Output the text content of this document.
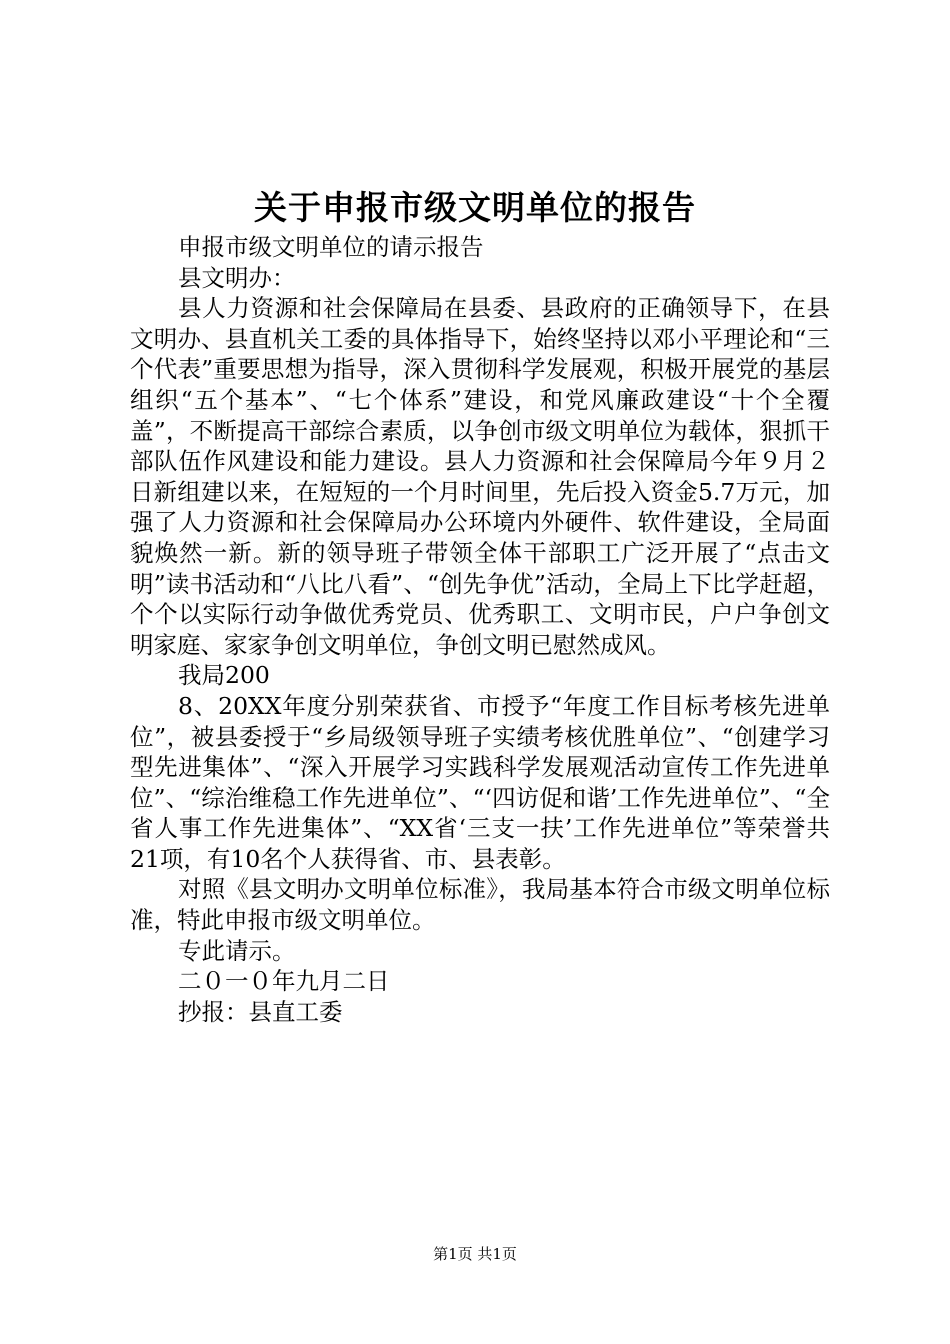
关于申报市级文明单位的报告

申报市级文明单位的请示报告

县文明办：

县人力资源和社会保障局在县委、县政府的正确领导下，在县文明办、县直机关工委的具体指导下，始终坚持以邓小平理论和“三个代表”重要思想为指导，深入贯彻科学发展观，积极开展党的基层组织“五个基本”、“七个体系”建设，和党风廉政建设“十个全覆盖”，不断提高干部综合素质，以争创市级文明单位为载体，狠抓干部队伍作风建设和能力建设。县人力资源和社会保障局今年９月２日新组建以来，在短短的一个月时间里，先后投入资金5.7万元，加强了人力资源和社会保障局办公环境内外硬件、软件建设，全局面貌焕然一新。新的领导班子带领全体干部职工广泛开展了“点击文明”读书活动和“八比八看”、“创先争优”活动，全局上下比学赶超，个个以实际行动争做优秀党员、优秀职工、文明市民，户户争创文明家庭、家家争创文明单位，争创文明已慰然成风。

我局200

8、20XX年度分别荣获省、市授予“年度工作目标考核先进单位”，被县委授于“乡局级领导班子实绩考核优胜单位”、“创建学习型先进集体”、“深入开展学习实践科学发展观活动宣传工作先进单位”、“综治维稳工作先进单位”、“‘四访促和谐’工作先进单位”、“全省人事工作先进集体”、“XX省‘三支一扶’工作先进单位”等荣誉共21项，有10名个人获得省、市、县表彰。

对照《县文明办文明单位标准》，我局基本符合市级文明单位标准，特此申报市级文明单位。

专此请示。

二０一０年九月二日

抄报：县直工委

第1页 共1页
